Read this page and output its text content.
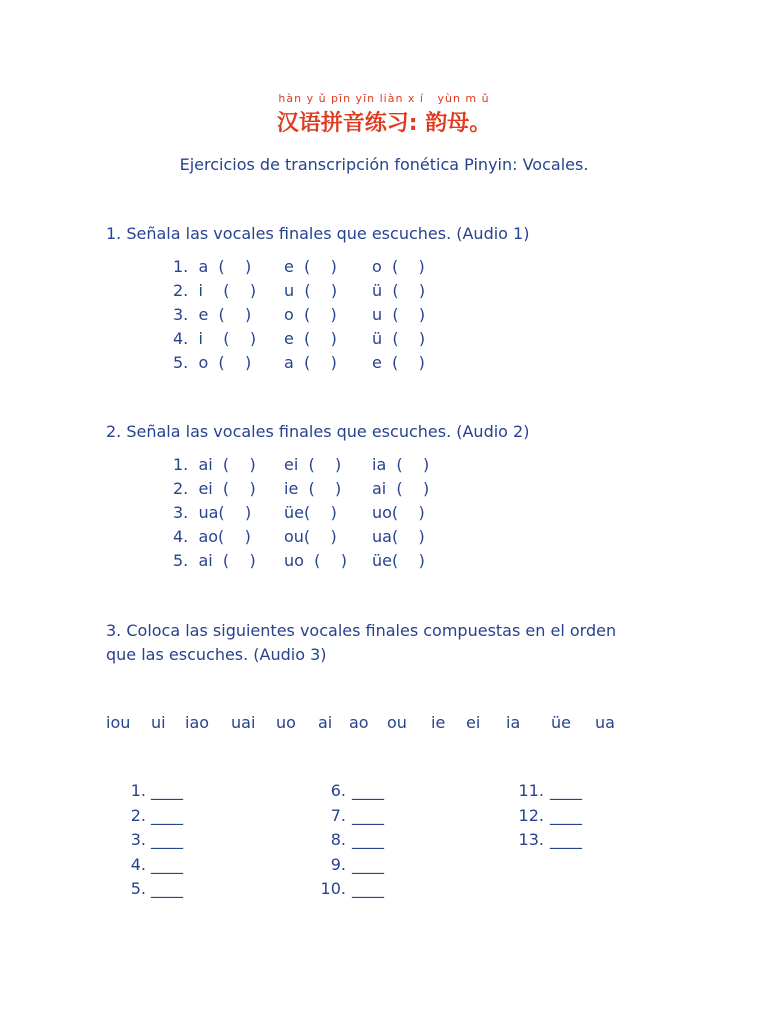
hàn y ǔ pīn yīn liàn x í   yùn m ǔ
汉语拼音练习: 韵母。
Ejercicios de transcripción fonética Pinyin: Vocales.
1. Señala las vocales finales que escuches. (Audio 1)
1.  a  (    ) e  (    ) o  (    )
2.  i    (    ) u  (    ) ü  (    )
3.  e  (    ) o  (    ) u  (    )
4.  i    (    ) e  (    ) ü  (    )
5.  o  (    ) a  (    ) e  (    )
2. Señala las vocales finales que escuches. (Audio 2)
1.  ai  (    ) ei  (    ) ia  (    )
2.  ei  (    ) ie  (    ) ai  (    )
3.  ua(    ) üe(    ) uo(    )
4.  ao(    ) ou(    ) ua(    )
5.  ai  (    ) uo  (    ) üe(    )
3. Coloca las siguientes vocales finales compuestas en el orden
que las escuches. (Audio 3)
iou ui iao uai uo ai ao ou ie ei ia üe ua
1. ____
2. ____
3. ____
4. ____
5. ____
6. ____
7. ____
8. ____
9. ____
10. ____
11. ____
12. ____
13. ____
